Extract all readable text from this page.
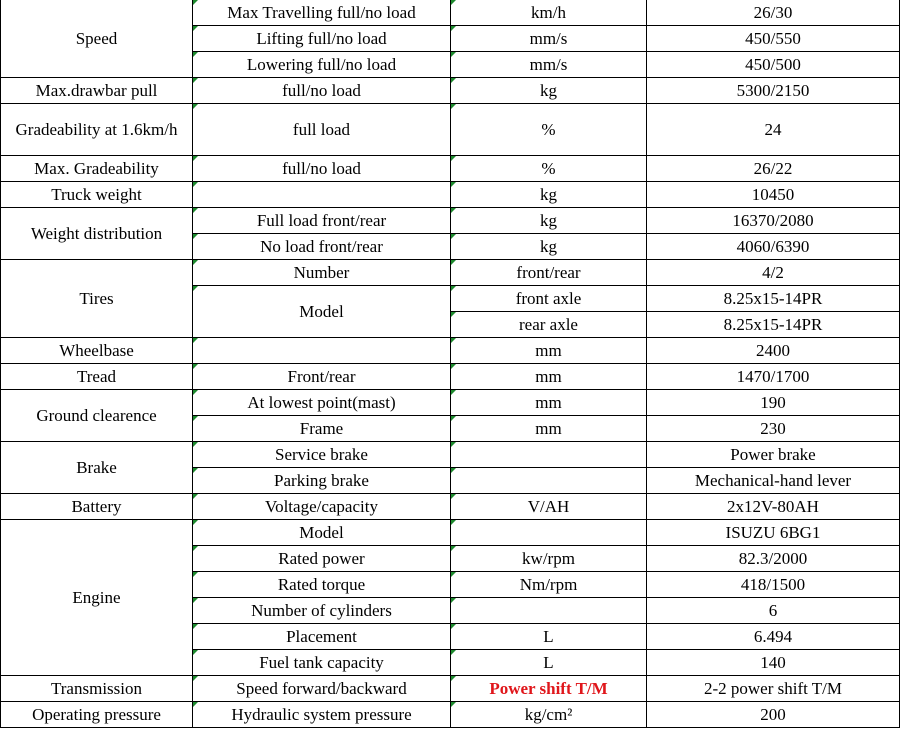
Speed	Max Travelling full/no load	km/h	26/30
	Lifting full/no load	mm/s	450/550
	Lowering full/no load	mm/s	450/500
Max.drawbar pull	full/no load	kg	5300/2150
Gradeability at 1.6km/h	full load	%	24
Max. Gradeability	full/no load	%	26/22
Truck weight		kg	10450
Weight distribution	Full load front/rear	kg	16370/2080
	No load front/rear	kg	4060/6390
Tires	Number	front/rear	4/2
	Model	front axle	8.25x15-14PR
		rear axle	8.25x15-14PR
Wheelbase		mm	2400
Tread	Front/rear	mm	1470/1700
Ground clearence	At lowest point(mast)	mm	190
	Frame	mm	230
Brake	Service brake		Power brake
	Parking brake		Mechanical-hand lever
Battery	Voltage/capacity	V/AH	2x12V-80AH
Engine	Model		ISUZU 6BG1
	Rated power	kw/rpm	82.3/2000
	Rated torque	Nm/rpm	418/1500
	Number of cylinders		6
	Placement	L	6.494
	Fuel tank capacity	L	140
Transmission	Speed forward/backward	Power shift T/M	2-2 power shift T/M
Operating pressure	Hydraulic system pressure	kg/cm²	200
